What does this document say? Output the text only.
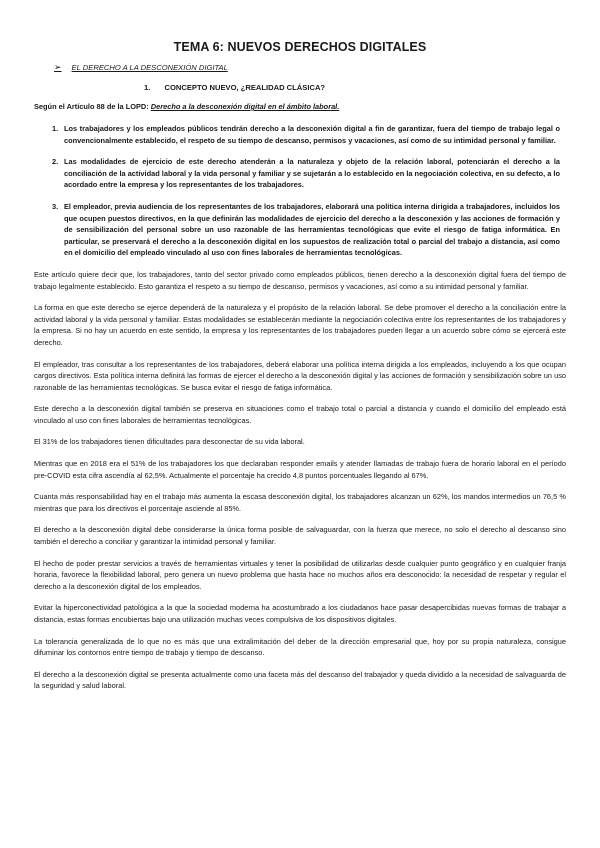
TEMA 6: NUEVOS DERECHOS DIGITALES
➢ EL DERECHO A LA DESCONEXIÓN DIGITAL
1. CONCEPTO NUEVO, ¿REALIDAD CLÁSICA?

Según el Artículo 88 de la LOPD: Derecho a la desconexión digital en el ámbito laboral.

1. Los trabajadores y los empleados públicos tendrán derecho a la desconexión digital a fin de garantizar, fuera del tiempo de trabajo legal o convencionalmente establecido, el respeto de su tiempo de descanso, permisos y vacaciones, así como de su intimidad personal y familiar.
2. Las modalidades de ejercicio de este derecho atenderán a la naturaleza y objeto de la relación laboral, potenciarán el derecho a la conciliación de la actividad laboral y la vida personal y familiar y se sujetarán a lo establecido en la negociación colectiva, en su defecto, a lo acordado entre la empresa y los representantes de los trabajadores.
3. El empleador, previa audiencia de los representantes de los trabajadores, elaborará una política interna dirigida a trabajadores, incluidos los que ocupen puestos directivos, en la que definirán las modalidades de ejercicio del derecho a la desconexión y las acciones de formación y de sensibilización del personal sobre un uso razonable de las herramientas tecnológicas que evite el riesgo de fatiga informática. En particular, se preservará el derecho a la desconexión digital en los supuestos de realización total o parcial del trabajo a distancia, así como en el domicilio del empleado vinculado al uso con fines laborales de herramientas tecnológicas.

Este artículo quiere decir que, los trabajadores, tanto del sector privado como empleados públicos, tienen derecho a la desconexión digital fuera del tiempo de trabajo legalmente establecido. Esto garantiza el respeto a su tiempo de descanso, permisos y vacaciones, así como a su intimidad personal y familiar.

La forma en que este derecho se ejerce dependerá de la naturaleza y el propósito de la relación laboral. Se debe promover el derecho a la conciliación entre la actividad laboral y la vida personal y familiar. Estas modalidades se establecerán mediante la negociación colectiva entre los representantes de los trabajadores y la empresa. Si no hay un acuerdo en este sentido, la empresa y los representantes de los trabajadores pueden llegar a un acuerdo sobre cómo se ejercerá este derecho.

El empleador, tras consultar a los representantes de los trabajadores, deberá elaborar una política interna dirigida a los empleados, incluyendo a los que ocupan cargos directivos. Esta política interna definirá las formas de ejercer el derecho a la desconexión digital y las acciones de formación y sensibilización sobre un uso razonable de las herramientas tecnológicas. Se busca evitar el riesgo de fatiga informática.

Este derecho a la desconexión digital también se preserva en situaciones como el trabajo total o parcial a distancia y cuando el domicilio del empleado está vinculado al uso con fines laborales de herramientas tecnológicas.

El 31% de los trabajadores tienen dificultades para desconectar de su vida laboral.

Mientras que en 2018 era el 51% de los trabajadores los que declaraban responder emails y atender llamadas de trabajo fuera de horario laboral en el período pre-COVID esta cifra ascendía al 62,5%. Actualmente el porcentaje ha crecido 4,8 puntos porcentuales llegando al 67%.

Cuanta más responsabilidad hay en el trabajo más aumenta la escasa desconexión digital, los trabajadores alcanzan un 62%, los mandos intermedios un 76,5 % mientras que para los directivos el porcentaje asciende al 85%.

El derecho a la desconexión digital debe considerarse la única forma posible de salvaguardar, con la fuerza que merece, no solo el derecho al descanso sino también el derecho a conciliar y garantizar la intimidad personal y familiar.

El hecho de poder prestar servicios a través de herramientas virtuales y tener la posibilidad de utilizarlas desde cualquier punto geográfico y en cualquier franja horaria, favorece la flexibilidad laboral, pero genera un nuevo problema que hasta hace no muchos años era desconocido: la necesidad de respetar y regular el derecho a la desconexión digital de los empleados.

Evitar la hiperconectividad patológica a la que la sociedad moderna ha acostumbrado a los ciudadanos hace pasar desapercibidas nuevas formas de trabajar a distancia, estas formas encubiertas bajo una utilización muchas veces compulsiva de los dispositivos digitales.

La tolerancia generalizada de lo que no es más que una extralimitación del deber de la dirección empresarial que, hoy por su propia naturaleza, consigue difuminar los contornos entre tiempo de trabajo y tiempo de descanso.

El derecho a la desconexión digital se presenta actualmente como una faceta más del descanso del trabajador y queda dividido a la necesidad de salvaguarda de la seguridad y salud laboral.
